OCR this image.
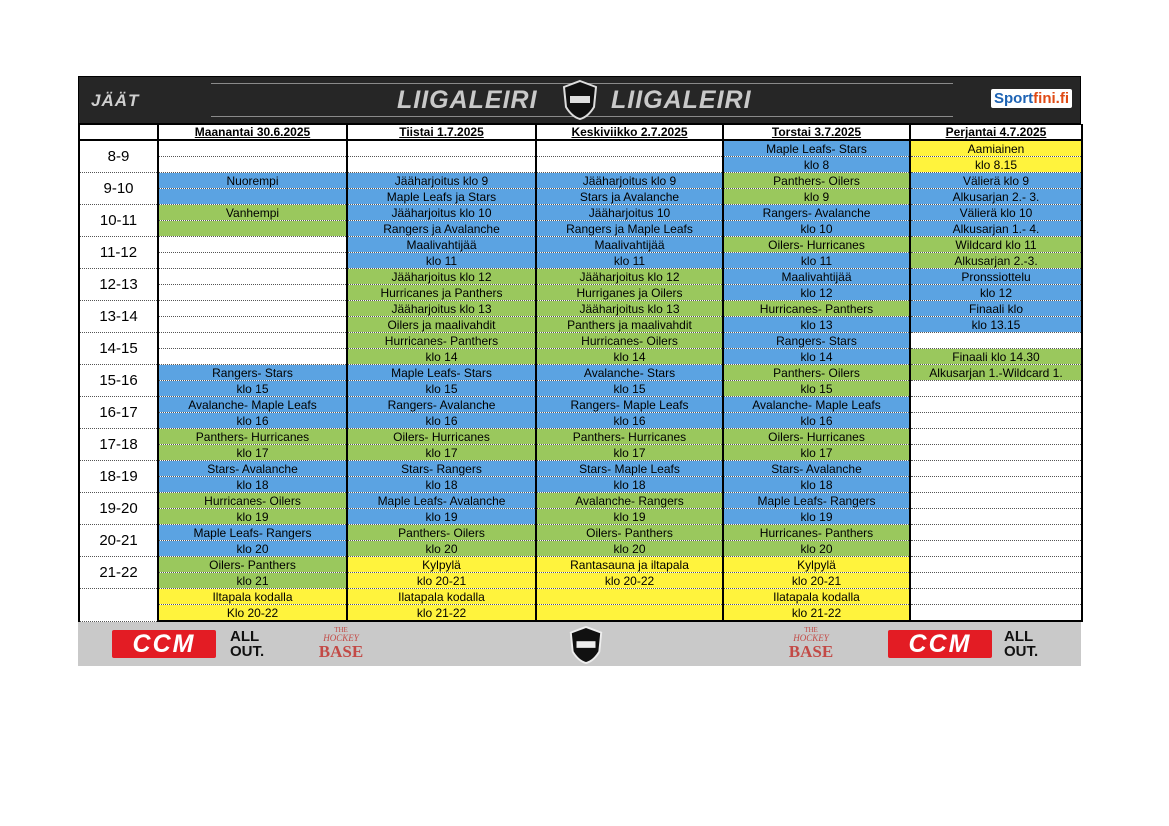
JÄÄT	LIIGALEIRI	LIIGALEIRI	Sportfini.fi
	Maanantai 30.6.2025	Tiistai 1.7.2025	Keskiviikko 2.7.2025	Torstai 3.7.2025	Perjantai 4.7.2025
8-9				Maple Leafs- Stars	Aamiainen
				klo 8	klo 8.15
9-10	Nuorempi	Jääharjoitus klo 9	Jääharjoitus klo 9	Panthers- Oilers	Välierä klo 9
		Maple Leafs ja Stars	Stars ja Avalanche	klo 9	Alkusarjan 2.- 3.
10-11	Vanhempi	Jääharjoitus klo 10	Jääharjoitus 10	Rangers- Avalanche	Välierä klo 10
		Rangers ja Avalanche	Rangers ja Maple Leafs	klo 10	Alkusarjan 1.- 4.
11-12		Maalivahtijää	Maalivahtijää	Oilers- Hurricanes	Wildcard klo 11
		klo 11	klo 11	klo 11	Alkusarjan 2.-3.
12-13		Jääharjoitus klo 12	Jääharjoitus klo 12	Maalivahtijää	Pronssiottelu
		Hurricanes ja Panthers	Hurriganes ja Oilers	klo 12	klo 12
13-14		Jääharjoitus klo 13	Jääharjoitus klo 13	Hurricanes- Panthers	Finaali klo
		Oilers ja maalivahdit	Panthers ja maalivahdit	klo 13	klo 13.15
14-15		Hurricanes- Panthers	Hurricanes- Oilers	Rangers- Stars	
		klo 14	klo 14	klo 14	Finaali klo 14.30
15-16	Rangers- Stars	Maple Leafs- Stars	Avalanche- Stars	Panthers- Oilers	Alkusarjan 1.-Wildcard 1.
	klo 15	klo 15	klo 15	klo 15	
16-17	Avalanche- Maple Leafs	Rangers- Avalanche	Rangers- Maple Leafs	Avalanche- Maple Leafs	
	klo 16	klo 16	klo 16	klo 16	
17-18	Panthers- Hurricanes	Oilers- Hurricanes	Panthers- Hurricanes	Oilers- Hurricanes	
	klo 17	klo 17	klo 17	klo 17	
18-19	Stars- Avalanche	Stars- Rangers	Stars- Maple Leafs	Stars- Avalanche	
	klo 18	klo 18	klo 18	klo 18	
19-20	Hurricanes- Oilers	Maple Leafs- Avalanche	Avalanche- Rangers	Maple Leafs- Rangers	
	klo 19	klo 19	klo 19	klo 19	
20-21	Maple Leafs- Rangers	Panthers- Oilers	Oilers- Panthers	Hurricanes- Panthers	
	klo 20	klo 20	klo 20	klo 20	
21-22	Oilers- Panthers	Kylpylä	Rantasauna ja iltapala	Kylpylä	
	klo 21	klo 20-21	klo 20-22	klo 20-21	
	Iltapala kodalla	Ilatapala kodalla		Ilatapala kodalla	
	Klo 20-22	klo 21-22		klo 21-22	
CCM	ALL
OUT.
THE
HOCKEY
BASE
THE
HOCKEY
BASE	CCM	ALL
OUT.
